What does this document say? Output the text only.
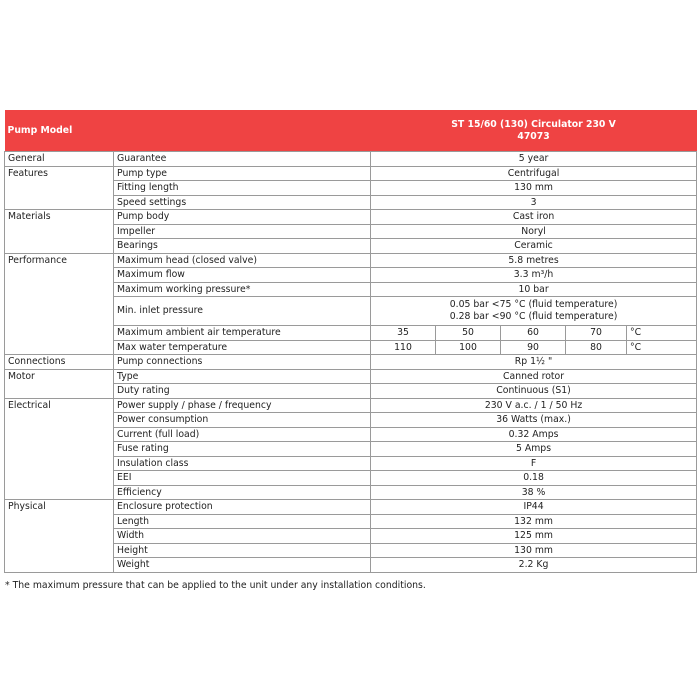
Pump Model		ST 15/60 (130) Circulator 230 V
47073				

General	Guarantee	5 year				
Features	Pump type	Centrifugal				
	Fitting length	130 mm				
	Speed settings	3				
Materials	Pump body	Cast iron				
	Impeller	Noryl				
	Bearings	Ceramic				
Performance	Maximum head (closed valve)	5.8 metres				
	Maximum flow	3.3 m³/h				
	Maximum working pressure*	10 bar				
	Min. inlet pressure	0.05 bar <75 °C (fluid temperature)
0.28 bar <90 °C (fluid temperature)				

	Maximum ambient air temperature	35	50	60	70	°C
	Max water temperature	110	100	90	80	°C
Connections	Pump connections	Rp 1½ "				
Motor	Type	Canned rotor				
	Duty rating	Continuous (S1)				
Electrical	Power supply / phase / frequency	230 V a.c. / 1 / 50 Hz				
	Power consumption	36 Watts (max.)				
	Current (full load)	0.32 Amps				
	Fuse rating	5 Amps				
	Insulation class	F				
	EEI	0.18				
	Efficiency	38 %				
Physical	Enclosure protection	IP44				
	Length	132 mm				
	Width	125 mm				
	Height	130 mm				
	Weight	2.2 Kg				
* The maximum pressure that can be applied to the unit under any installation conditions.
